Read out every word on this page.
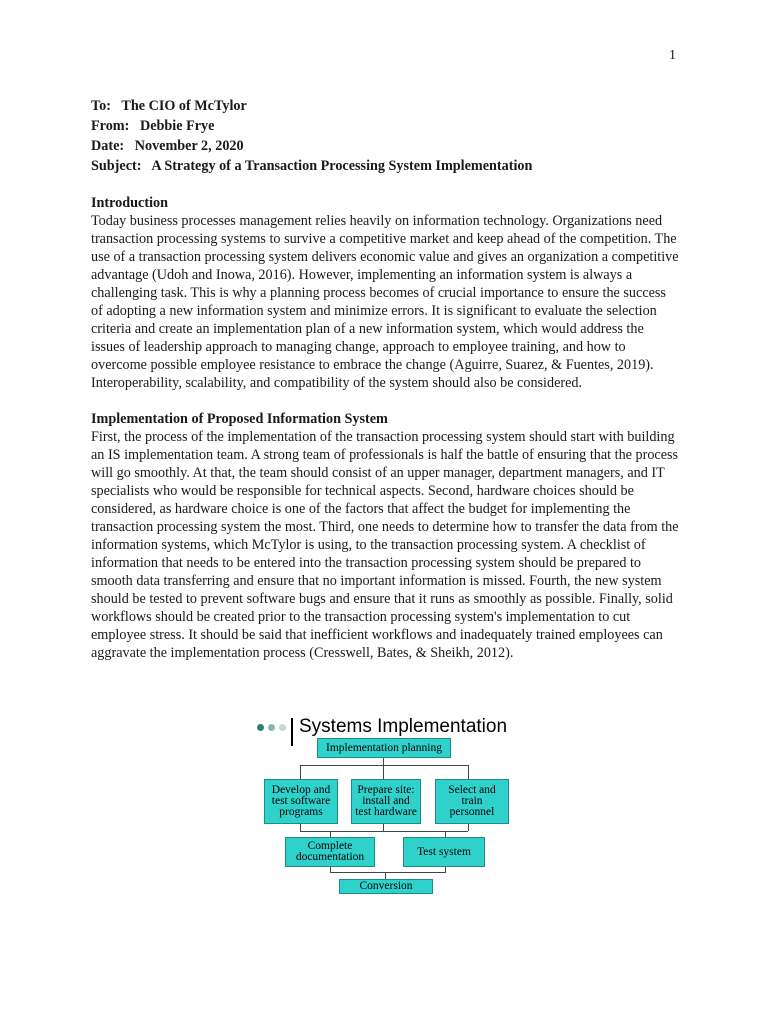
1

To: The CIO of McTylor

From: Debbie Frye

Date: November 2, 2020

Subject: A Strategy of a Transaction Processing System Implementation

Introduction

Today business processes management relies heavily on information technology. Organizations need transaction processing systems to survive a competitive market and keep ahead of the competition. The use of a transaction processing system delivers economic value and gives an organization a competitive advantage (Udoh and Inowa, 2016). However, implementing an information system is always a challenging task. This is why a planning process becomes of crucial importance to ensure the success of adopting a new information system and minimize errors. It is significant to evaluate the selection criteria and create an implementation plan of a new information system, which would address the issues of leadership approach to managing change, approach to employee training, and how to overcome possible employee resistance to embrace the change (Aguirre, Suarez, & Fuentes, 2019). Interoperability, scalability, and compatibility of the system should also be considered.

Implementation of Proposed Information System

First, the process of the implementation of the transaction processing system should start with building an IS implementation team. A strong team of professionals is half the battle of ensuring that the process will go smoothly. At that, the team should consist of an upper manager, department managers, and IT specialists who would be responsible for technical aspects. Second, hardware choices should be considered, as hardware choice is one of the factors that affect the budget for implementing the transaction processing system the most. Third, one needs to determine how to transfer the data from the information systems, which McTylor is using, to the transaction processing system. A checklist of information that needs to be entered into the transaction processing system should be prepared to smooth data transferring and ensure that no important information is missed. Fourth, the new system should be tested to prevent software bugs and ensure that it runs as smoothly as possible. Finally, solid workflows should be created prior to the transaction processing system's implementation to cut employee stress. It should be said that inefficient workflows and inadequately trained employees can aggravate the implementation process (Cresswell, Bates, & Sheikh, 2012).

Systems Implementation
Implementation planning
Develop and test software programs
Prepare site: install and test hardware
Select and train personnel
Complete documentation	Test system
Conversion
